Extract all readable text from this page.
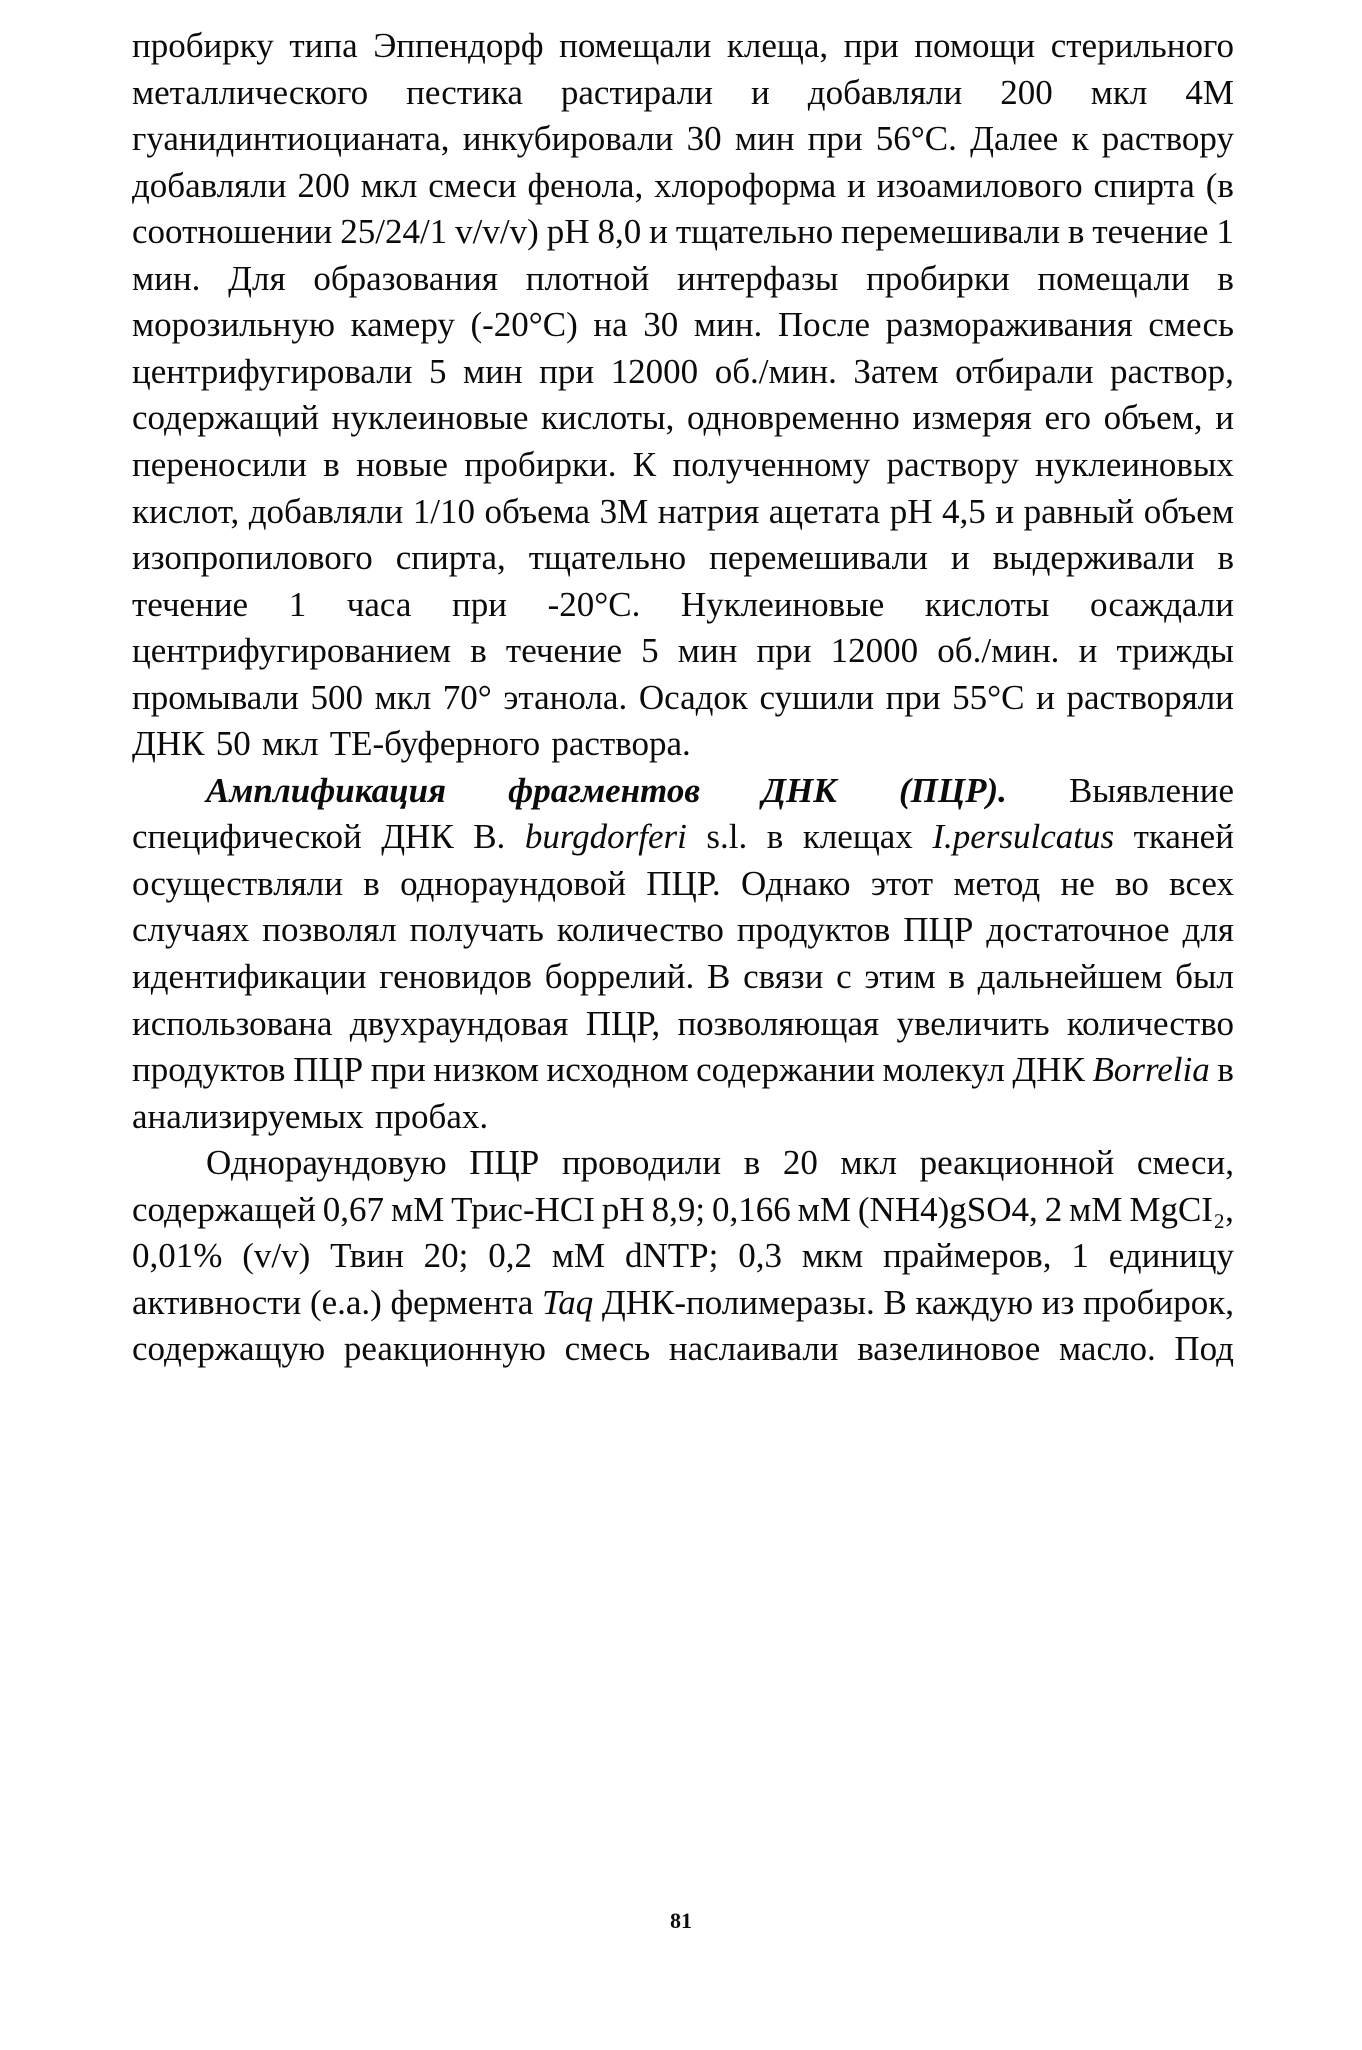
пробирку типа Эппендорф помещали клеща, при помощи стерильного
металлического пестика растирали и добавляли 200 мкл 4М
гуанидинтиоцианата, инкубировали 30 мин при 56°С. Далее к раствору
добавляли 200 мкл смеси фенола, хлороформа и изоамилового спирта (в
соотношении 25/24/1 v/v/v) рН 8,0 и тщательно перемешивали в течение 1
мин. Для образования плотной интерфазы пробирки помещали в
морозильную камеру (-20°С) на 30 мин. После размораживания смесь
центрифугировали 5 мин при 12000 об./мин. Затем отбирали раствор,
содержащий нуклеиновые кислоты, одновременно измеряя его объем, и
переносили в новые пробирки. К полученному раствору нуклеиновых
кислот, добавляли 1/10 объема 3М натрия ацетата рН 4,5 и равный объем
изопропилового спирта, тщательно перемешивали и выдерживали в
течение 1 часа при -20°С. Нуклеиновые кислоты осаждали
центрифугированием в течение 5 мин при 12000 об./мин. и трижды
промывали 500 мкл 70° этанола. Осадок сушили при 55°С и растворяли
ДНК 50 мкл ТЕ-буферного раствора.
Амплификация фрагментов ДНК (ПЦР). Выявление
специфической ДНК B. burgdorferi s.l. в клещах I.persulcatus тканей
осуществляли в однораундовой ПЦР. Однако этот метод не во всех
случаях позволял получать количество продуктов ПЦР достаточное для
идентификации геновидов боррелий. В связи с этим в дальнейшем был
использована двухраундовая ПЦР, позволяющая увеличить количество
продуктов ПЦР при низком исходном содержании молекул ДНК Borrelia в
анализируемых пробах.
Однораундовую ПЦР проводили в 20 мкл реакционной смеси,
содержащей 0,67 мМ Трис-HCI рН 8,9; 0,166 мМ (NH4)gSO4, 2 мМ MgCI₂,
0,01% (v/v) Твин 20; 0,2 мМ dNTP; 0,3 мкм праймеров, 1 единицу
активности (е.а.) фермента Taq ДНК-полимеразы. В каждую из пробирок,
содержащую реакционную смесь наслаивали вазелиновое масло. Под
81
